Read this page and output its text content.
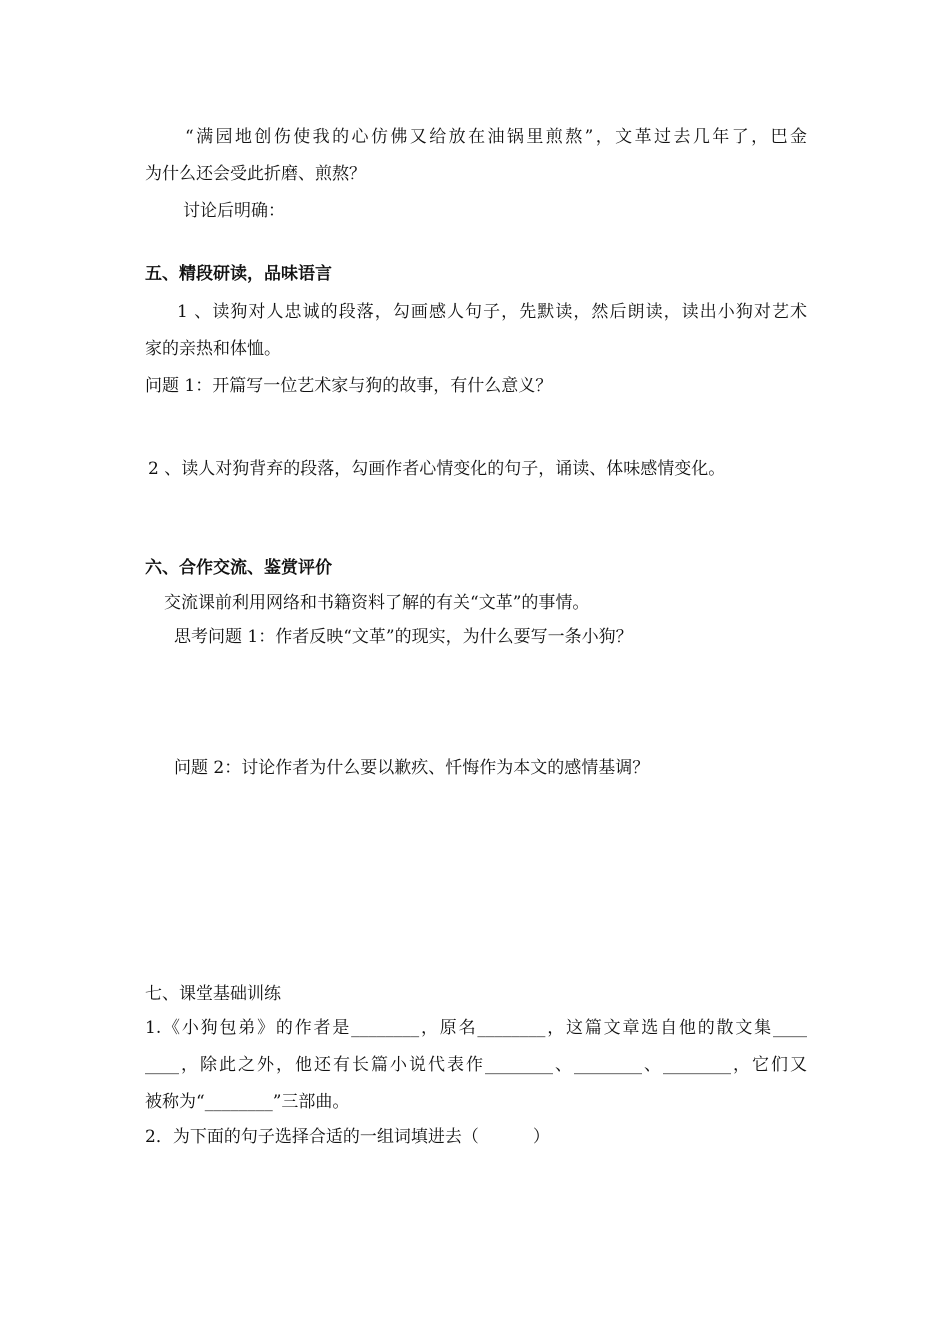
“满园地创伤使我的心仿佛又给放在油锅里煎熬”，文革过去几年了，巴金
为什么还会受此折磨、煎熬？
讨论后明确：
五、精段研读，品味语言
1 、读狗对人忠诚的段落，勾画感人句子，先默读，然后朗读，读出小狗对艺术
家的亲热和体恤。
问题 1：开篇写一位艺术家与狗的故事，有什么意义？
2 、读人对狗背弃的段落，勾画作者心情变化的句子，诵读、体味感情变化。
六、合作交流、鉴赏评价
交流课前利用网络和书籍资料了解的有关“文革”的事情。
思考问题 1：作者反映“文革”的现实，为什么要写一条小狗？
问题 2：讨论作者为什么要以歉疚、忏悔作为本文的感情基调？
七、课堂基础训练
1.《小狗包弟》的作者是________，原名________，这篇文章选自他的散文集____
____，除此之外，他还有长篇小说代表作________、________、________，它们又
被称为“________”三部曲。
2．为下面的句子选择合适的一组词填进去（          ）
